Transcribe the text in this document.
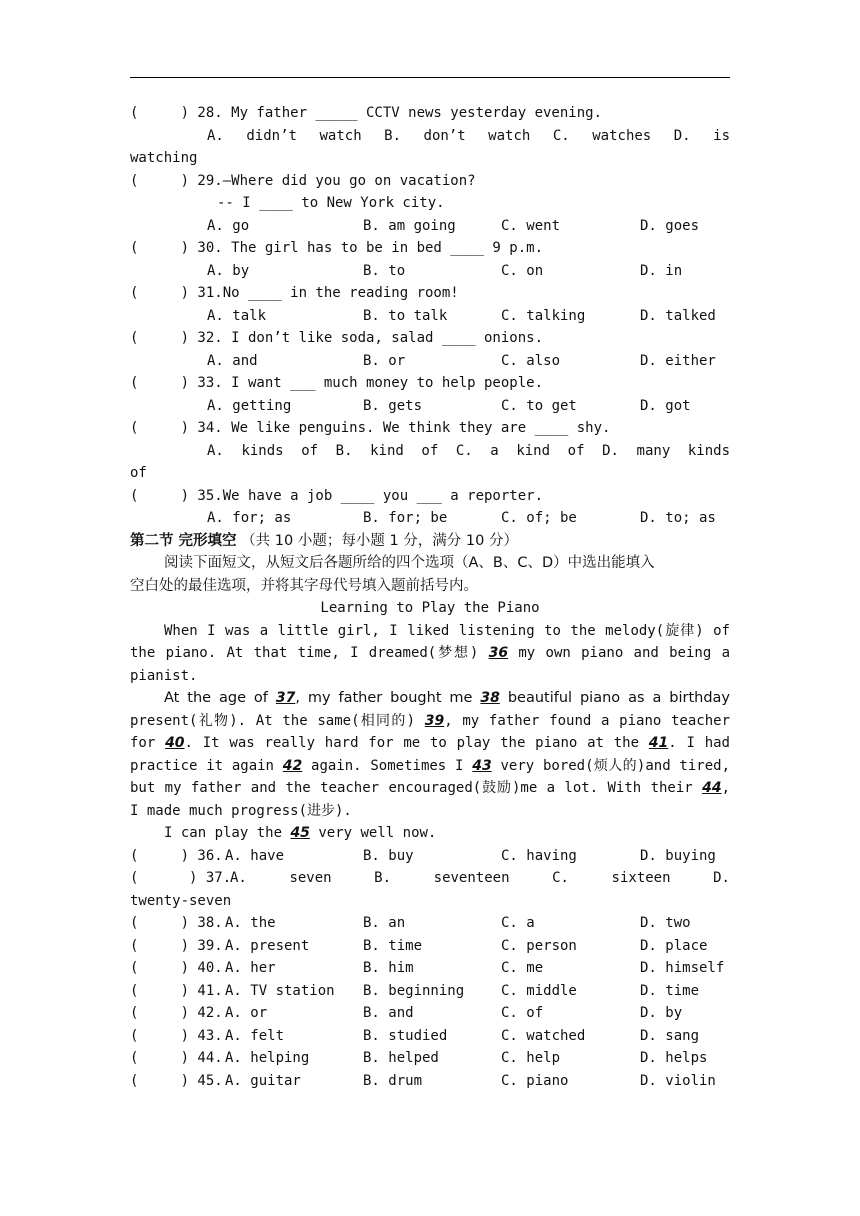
(     ) 28. My father _____ CCTV news yesterday evening.
A. didn’t watch B. don’t watch C. watches D. is
watching
(     ) 29.—Where did you go on vacation?
-- I ____ to New York city.
A. go	B. am going	C. went	D. goes
(     ) 30. The girl has to be in bed ____ 9 p.m.
A. by	B. to	C. on	D. in
(     ) 31.No ____ in the reading room!
A. talk	B. to talk	C. talking	D. talked
(     ) 32. I don’t like soda, salad ____ onions.
A. and	B. or	C. also	D. either
(     ) 33. I want ___ much money to help people.
A. getting	B. gets	C. to get	D. got
(     ) 34. We like penguins. We think they are ____ shy.
A. kinds of B. kind of C. a kind of D. many kinds
of
(     ) 35.We have a job ____ you ___ a reporter.
A. for; as	B. for; be	C. of; be	D. to; as
第二节 完形填空 （共 10 小题；每小题 1 分，满分 10 分）
阅读下面短文，从短文后各题所给的四个选项（A、B、C、D）中选出能填入
空白处的最佳选项，并将其字母代号填入题前括号内。
Learning to Play the Piano
When I was a little girl, I liked listening to the melody(旋律) of
the piano. At that time, I dreamed(梦想) 36 my own piano and being a
pianist.
At the age of 37, my father bought me 38 beautiful piano as a birthday
present(礼物). At the same(相同的) 39, my father found a piano teacher
for 40. It was really hard for me to play the piano at the 41. I had
practice it again 42 again. Sometimes I 43 very bored(烦人的)and tired,
but my father and the teacher encouraged(鼓励)me a lot. With their 44,
I made much progress(进步).
I can play the 45 very well now.
(     ) 36. A. have	B. buy	C. having	D. buying
(      ) 37.
A. seven B. seventeen C. sixteen D.
twenty-seven
(     ) 38. A. the	B. an	C. a	D. two
(     ) 39. A. present	B. time	C. person	D. place
(     ) 40. A. her	B. him	C. me	D. himself
(     ) 41. A. TV station	B. beginning	C. middle	D. time
(     ) 42. A. or	B. and	C. of	D. by
(     ) 43. A. felt	B. studied	C. watched	D. sang
(     ) 44. A. helping	B. helped	C. help	D. helps
(     ) 45. A. guitar	B. drum	C. piano	D. violin
